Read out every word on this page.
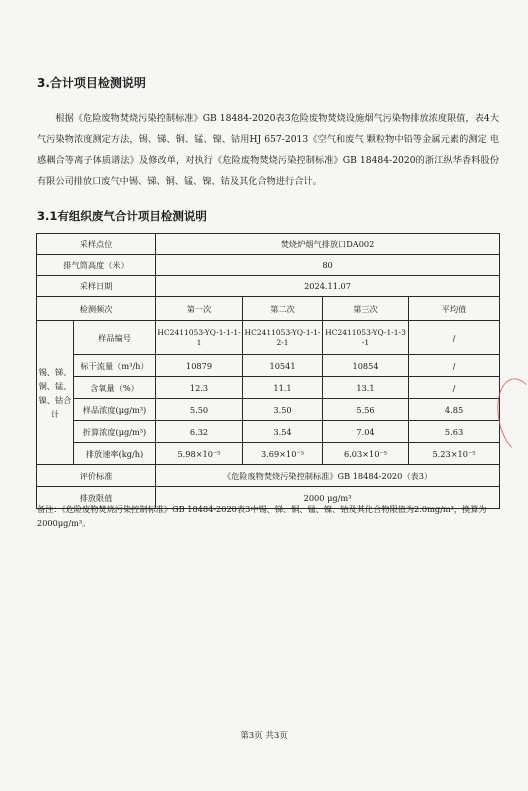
3.合计项目检测说明
根据《危险废物焚烧污染控制标准》GB 18484-2020表3危险废物焚烧设施烟气污染物排放浓度限值，表4大气污染物浓度测定方法，锡、锑、铜、锰、镍、钴用HJ 657-2013《空气和废气 颗粒物中铅等金属元素的测定 电感耦合等离子体质谱法》及修改单，对执行《危险废物焚烧污染控制标准》GB 18484-2020的浙江纵华香料股份有限公司排放口废气中锡、锑、铜、锰、镍、钴及其化合物进行合计。
3.1有组织废气合计项目检测说明
采样点位		焚烧炉烟气排放口DA002			
排气筒高度（米）		80			
采样日期		2024.11.07			
检测频次		第一次	第二次	第三次	平均值
锡、锑、铜、锰、镍、钴合计	样品编号	HC2411053-YQ-1-1-1-1	HC2411053-YQ-1-1-2-1	HC2411053-YQ-1-1-3-1	/
	标干流量（m³/h）	10879	10541	10854	/
	含氧量（%）	12.3	11.1	13.1	/
	样品浓度(μg/m³)	5.50	3.50	5.56	4.85
	折算浓度(μg/m³)	6.32	3.54	7.04	5.63
	排放速率(kg/h)	5.98×10⁻⁵	3.69×10⁻⁵	6.03×10⁻⁵	5.23×10⁻⁵
评价标准		《危险废物焚烧污染控制标准》GB 18484-2020（表3）			
排放限值		2000 μg/m³			
备注：《危险废物焚烧污染控制标准》GB 18484-2020表3中锡、锑、铜、锰、镍、钴及其化合物限值为2.0mg/m³，换算为2000μg/m³。
第3页 共3页
